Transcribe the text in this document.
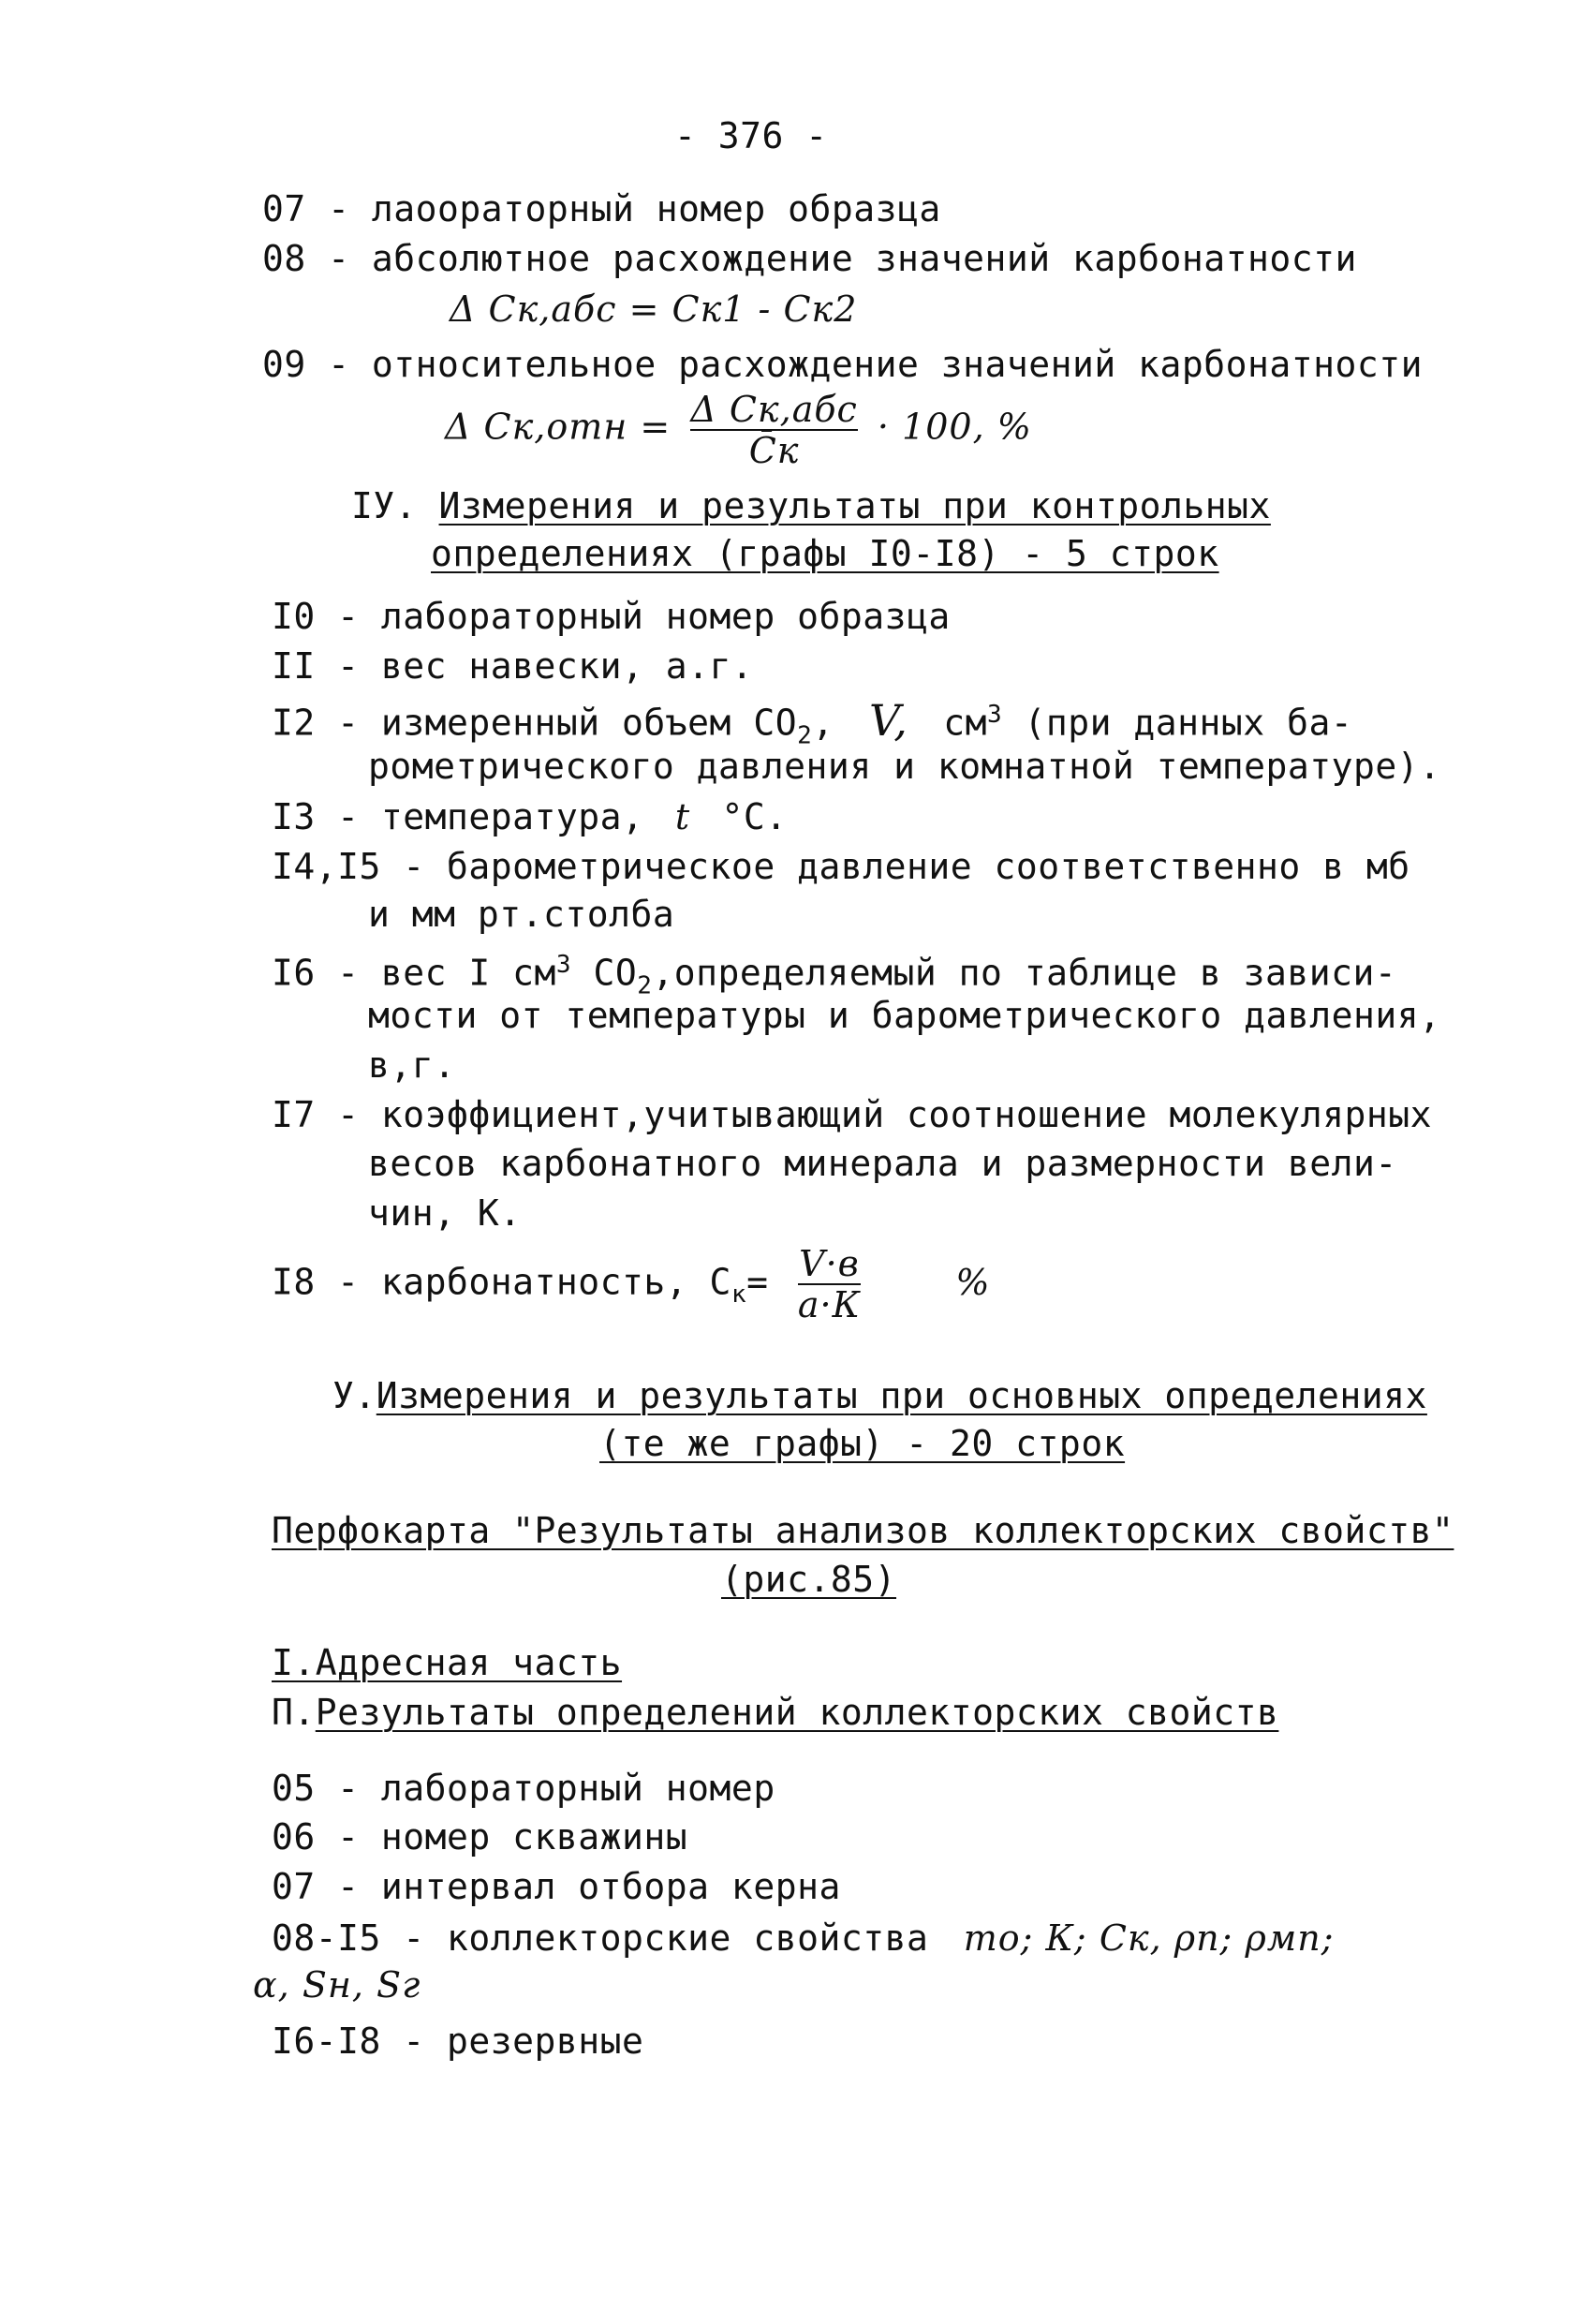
- 376 -
07 - лаоораторный номер образца
08 - абсолютное расхождение значений карбонатности
Δ Cк,абс = Cк1 - Cк2
09 - относительное расхождение значений карбонатности
Δ $Cк,отн = \frac{\text{Δ Cк,абс}}{C̄к} \cdot 100$, %
IУ. Измерения и результаты при контрольных
определениях (графы I0-I8) - 5 строк
I0 - лабораторный номер образца
II - вес навески, а.г.
I2 - измеренный объем $CO_2$, V, $см^3$ (при данных ба-
рометрического давления и комнатной температуре).
I3 - температура, t °C.
I4,I5 - барометрическое давление соответственно в мб
и мм рт.столба
I6 - вес I $см^3$ $CO_2,определяемый$ по таблице в зависи-
мости от температуры и барометрического давления,
в,г.
I7 - коэффициент,учитывающий соотношение молекулярных
весов карбонатного минерала и размерности вели-
чин, К.
I8 - карбонатность, $C_к= \frac{V\cdot в}{а\cdot К}$	%
У.Измерения и результаты при основных определениях
(те же графы) - 20 строк
Перфокарта "Результаты анализов коллекторских свойств"
(рис.85)
I.Адресная часть
П.Результаты определений коллекторских свойств
05 - лабораторный номер
06 - номер скважины
07 - интервал отбора керна
08-I5 - коллекторские свойства mо; К; Cк, ρп; ρмп;
α, Sн, Sг
I6-I8 - резервные
